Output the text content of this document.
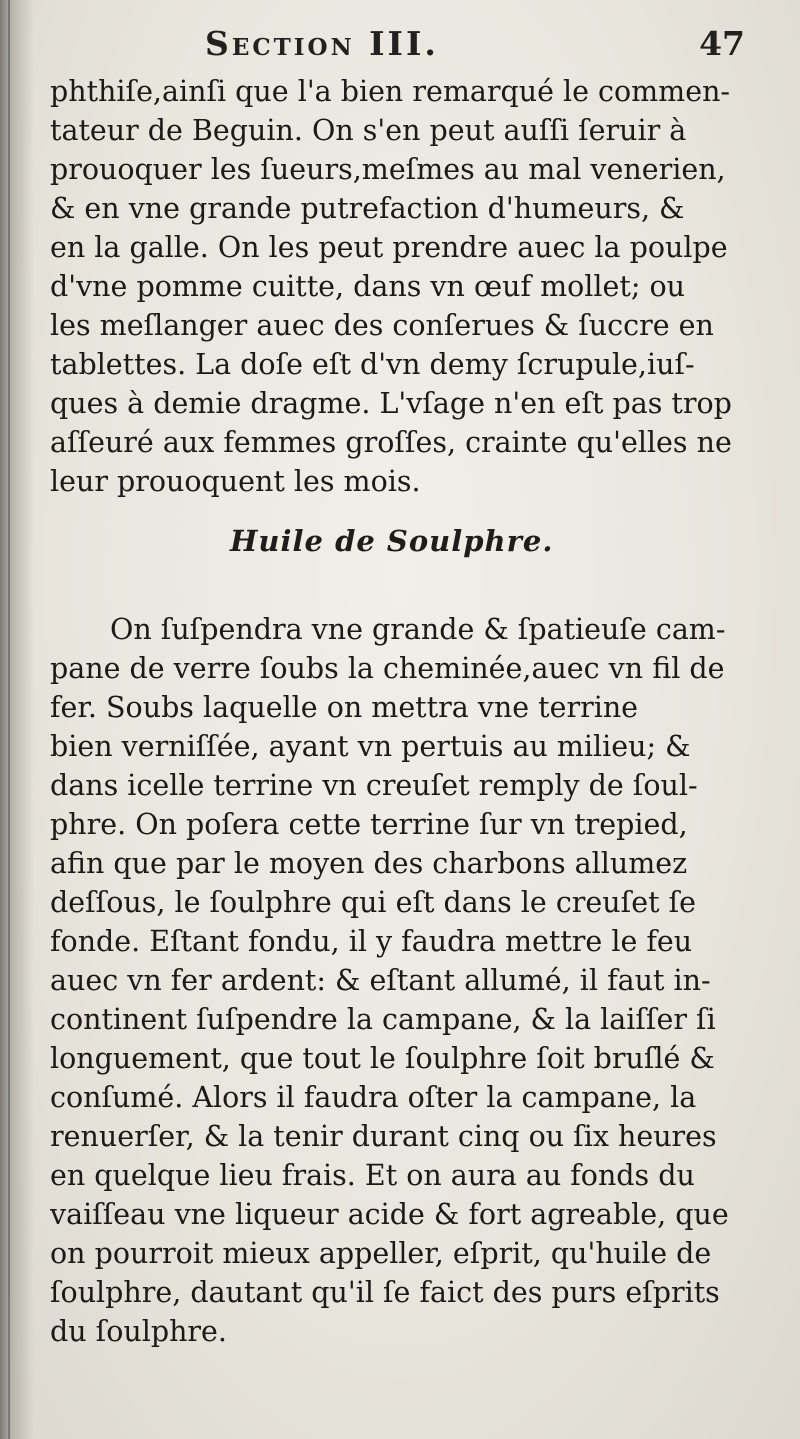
Section III.	47
phthiſe,ainſi que l'a bien remarqué le commen-
tateur de Beguin. On s'en peut auſſi ſeruir à
prouoquer les ſueurs,meſmes au mal venerien,
& en vne grande putrefaction d'humeurs, &
en la galle. On les peut prendre auec la poulpe
d'vne pomme cuitte, dans vn œuf mollet; ou
les meſlanger auec des conſerues & ſuccre en
tablettes. La doſe eſt d'vn demy ſcrupule,iuſ-
ques à demie dragme. L'vſage n'en eſt pas trop
aſſeuré aux femmes groſſes, crainte qu'elles ne
leur prouoquent les mois.
Huile de Soulphre.
On ſuſpendra vne grande & ſpatieuſe cam-
pane de verre ſoubs la cheminée,auec vn fil de
fer. Soubs laquelle on mettra vne terrine
bien verniſſée, ayant vn pertuis au milieu; &
dans icelle terrine vn creuſet remply de ſoul-
phre. On poſera cette terrine ſur vn trepied,
afin que par le moyen des charbons allumez
deſſous, le ſoulphre qui eſt dans le creuſet ſe
fonde. Eſtant fondu, il y faudra mettre le feu
auec vn fer ardent: & eſtant allumé, il faut in-
continent ſuſpendre la campane, & la laiſſer ſi
longuement, que tout le ſoulphre ſoit bruſlé &
conſumé. Alors il faudra oſter la campane, la
renuerſer, & la tenir durant cinq ou ſix heures
en quelque lieu frais. Et on aura au fonds du
vaiſſeau vne liqueur acide & fort agreable, que
on pourroit mieux appeller, eſprit, qu'huile de
ſoulphre, dautant qu'il ſe faict des purs eſprits
du ſoulphre.
